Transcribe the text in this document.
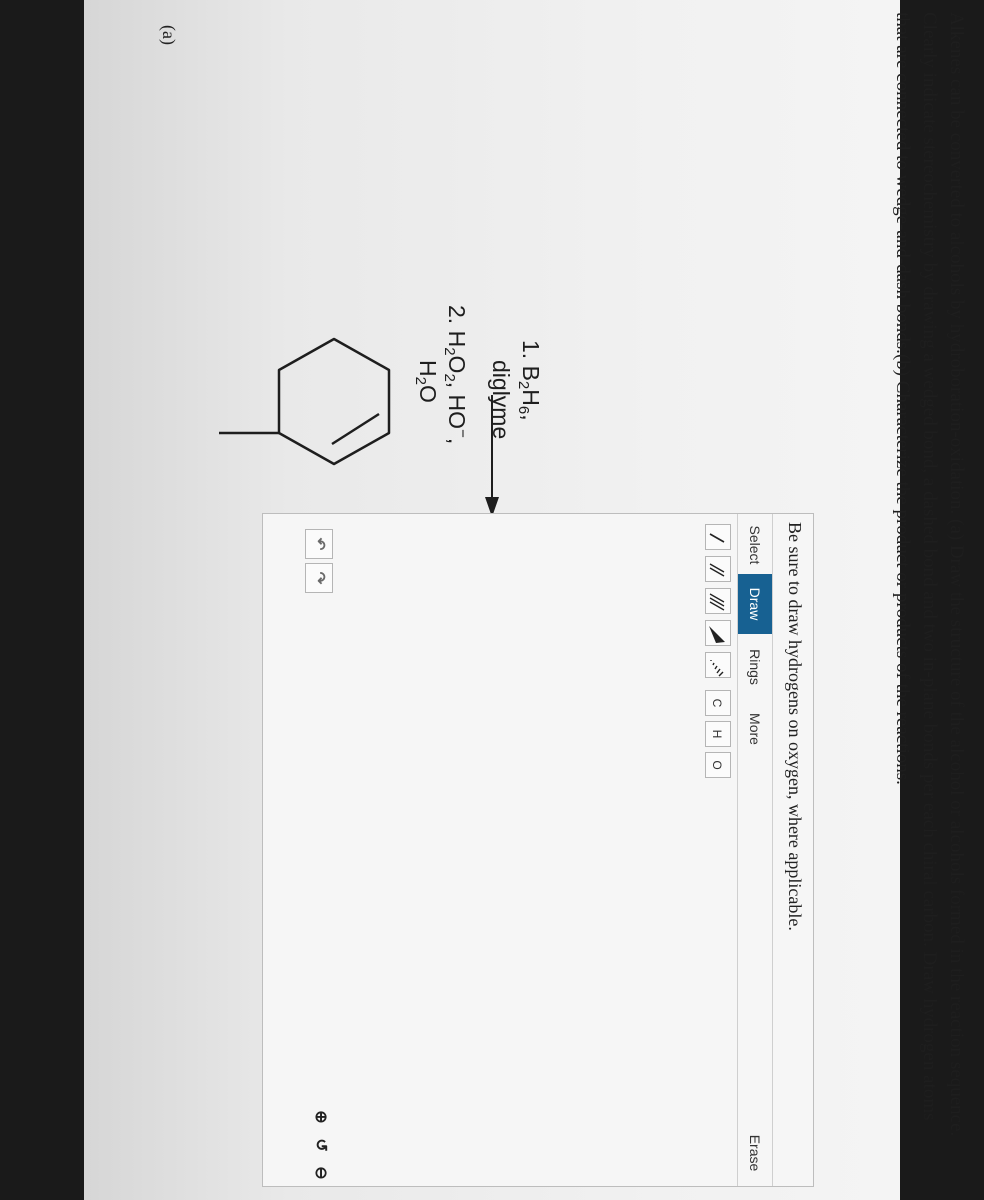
Alkenes can be converted to alcohols by hydroboration-oxidation. (a) Draw the structure of the alcohol or alcohols formed in the reaction sequence. Clearly indicate stereochemistry by drawing a wedged bond, a dashed bond and two in-plane bonds per each chiral carbon. Draw hydrogen atoms that are connected to wedge-and-dash bonds.(b) Characterize the product or products of the reactions.
(a)
1. $B_2H_6$,
diglyme
2. $H_2O_2$, HO−,
$H_2O$
Be sure to draw hydrogens on oxygen, where applicable.
Select
Draw
Rings
More
Erase
C
H
O
↶
↷
⊕
↺
⊖
